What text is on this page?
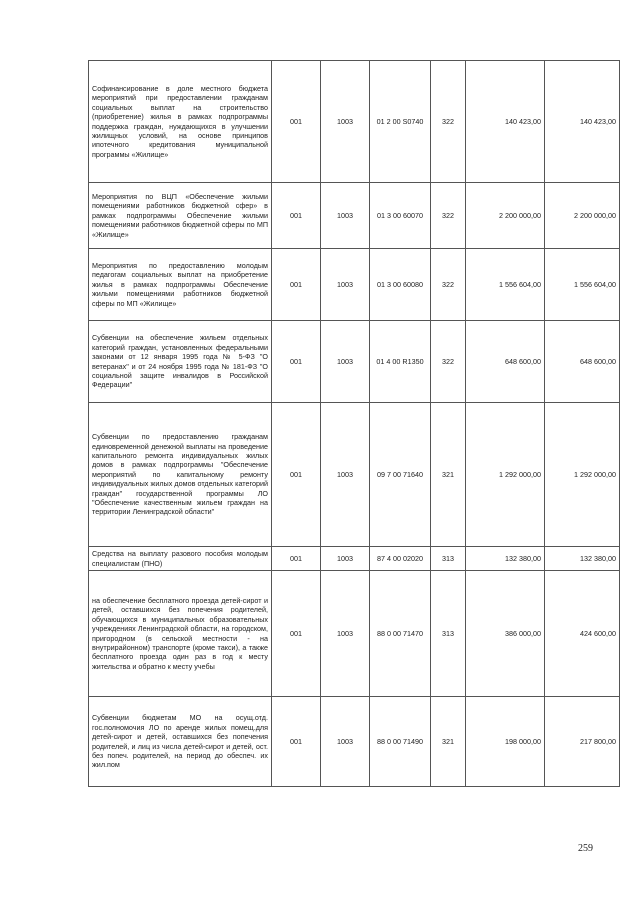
Софинансирование в доле местного бюджета мероприятий при предоставлении гражданам социальных выплат на строительство (приобретение) жилья в рамках подпрограммы поддержка граждан, нуждающихся в улучшении жилищных условий, на основе принципов ипотечного кредитования муниципальной программы «Жилище»	001	1003	01 2 00 S0740	322	140 423,00	140 423,00
Мероприятия по ВЦП «Обеспечение жильми помещениями работников бюджетной сфер» в рамках подпрограммы Обеспечение жильми помещениями работников бюджетной сферы по МП «Жилище»	001	1003	01 3 00 60070	322	2 200 000,00	2 200 000,00
Мероприятия по предоставлению молодым педагогам социальных выплат на приобретение жилья в рамках подпрограммы Обеспечение жильми помещениями работников бюджетной сферы по МП «Жилище»	001	1003	01 3 00 60080	322	1 556 604,00	1 556 604,00
Субвенции на обеспечение жильем отдельных категорий граждан, установленных федеральными законами от 12 января 1995 года № 5-ФЗ "О ветеранах" и от 24 ноября 1995 года № 181-ФЗ "О социальной защите инвалидов в Российской Федерации"	001	1003	01 4 00 R1350	322	648 600,00	648 600,00
Субвенции по предоставлению гражданам единовременной денежной выплаты на проведение капитального ремонта индивидуальных жилых домов в рамках подпрограммы "Обеспечение мероприятий по капитальному ремонту индивидуальных жилых домов отдельных категорий граждан" государственной программы ЛО "Обеспечение качественным жильем граждан на территории Ленинградской области"	001	1003	09 7 00 71640	321	1 292 000,00	1 292 000,00
Средства на выплату разового пособия молодым специалистам (ПНО)	001	1003	87 4 00 02020	313	132 380,00	132 380,00
на обеспечение бесплатного проезда детей-сирот и детей, оставшихся без попечения родителей, обучающихся в муниципальных образовательных учреждениях Ленинградской области, на городском, пригородном (в сельской местности - на внутрирайонном) транспорте (кроме такси), а также бесплатного проезда один раз в год к месту жительства и обратно к месту учебы	001	1003	88 0 00 71470	313	386 000,00	424 600,00
Субвенции бюджетам МО на осущ.отд. гос.полномочия ЛО по аренде жилых помещ.для детей-сирот и детей, оставшихся без попечения родителей, и лиц из числа детей-сирот и детей, ост. без попеч. родителей, на период до обеспеч. их жил.пом	001	1003	88 0 00 71490	321	198 000,00	217 800,00
259
